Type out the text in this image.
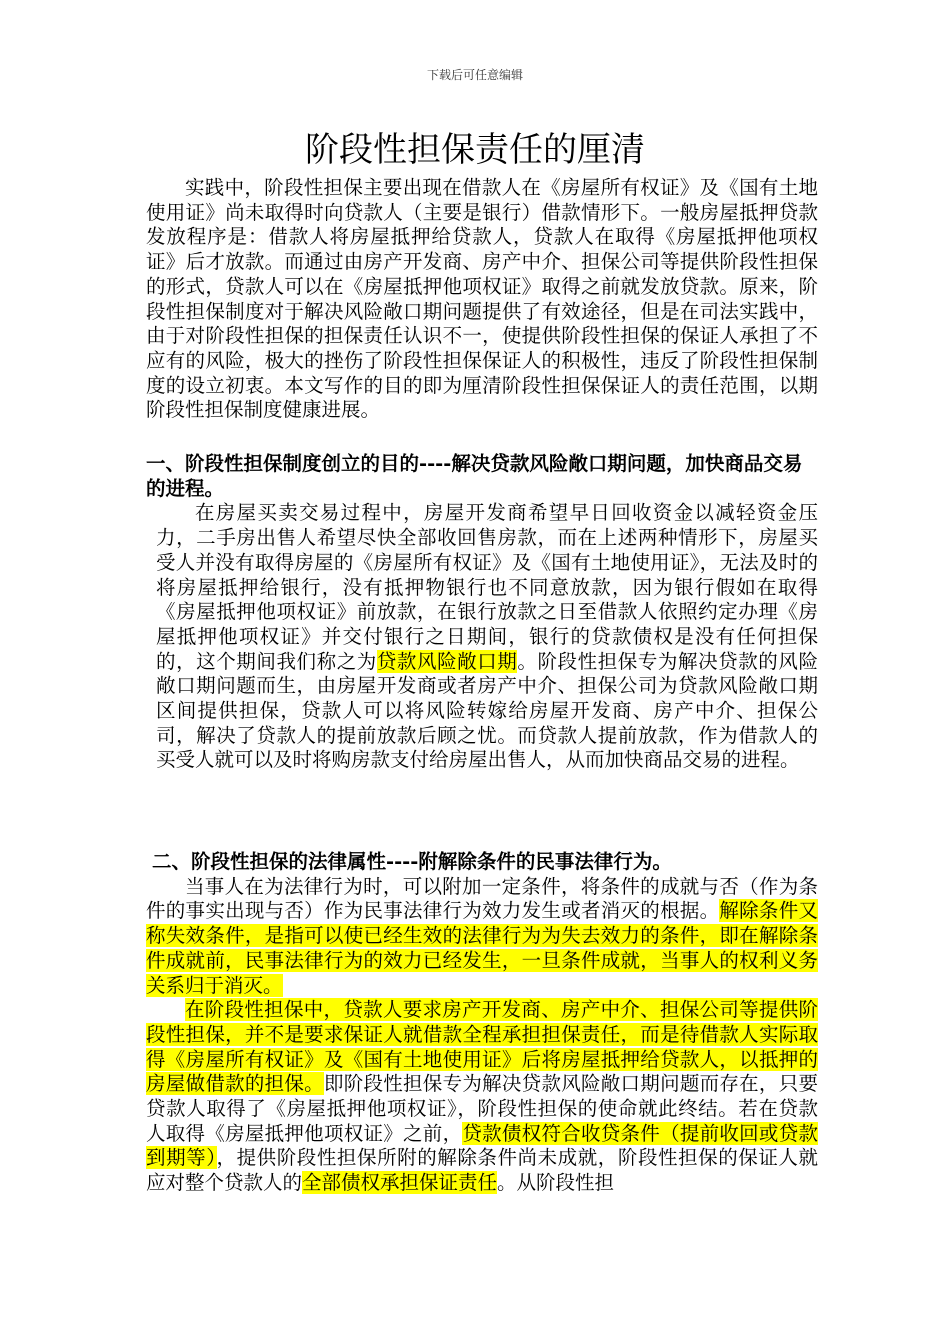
下载后可任意编辑
阶段性担保责任的厘清

实践中，阶段性担保主要出现在借款人在《房屋所有权证》及《国有土地使用证》尚未取得时向贷款人（主要是银行）借款情形下。一般房屋抵押贷款发放程序是：借款人将房屋抵押给贷款人，贷款人在取得《房屋抵押他项权证》后才放款。而通过由房产开发商、房产中介、担保公司等提供阶段性担保的形式，贷款人可以在《房屋抵押他项权证》取得之前就发放贷款。原来，阶段性担保制度对于解决风险敞口期问题提供了有效途径，但是在司法实践中，由于对阶段性担保的担保责任认识不一，使提供阶段性担保的保证人承担了不应有的风险，极大的挫伤了阶段性担保保证人的积极性，违反了阶段性担保制度的设立初衷。本文写作的目的即为厘清阶段性担保保证人的责任范围，以期阶段性担保制度健康进展。

一、阶段性担保制度创立的目的----解决贷款风险敞口期问题，加快商品交易的进程。

在房屋买卖交易过程中，房屋开发商希望早日回收资金以减轻资金压力，二手房出售人希望尽快全部收回售房款，而在上述两种情形下，房屋买受人并没有取得房屋的《房屋所有权证》及《国有土地使用证》，无法及时的将房屋抵押给银行，没有抵押物银行也不同意放款，因为银行假如在取得《房屋抵押他项权证》前放款，在银行放款之日至借款人依照约定办理《房屋抵押他项权证》并交付银行之日期间，银行的贷款债权是没有任何担保的，这个期间我们称之为贷款风险敞口期。阶段性担保专为解决贷款的风险敞口期问题而生，由房屋开发商或者房产中介、担保公司为贷款风险敞口期区间提供担保，贷款人可以将风险转嫁给房屋开发商、房产中介、担保公司，解决了贷款人的提前放款后顾之忧。而贷款人提前放款，作为借款人的买受人就可以及时将购房款支付给房屋出售人，从而加快商品交易的进程。

二、阶段性担保的法律属性----附解除条件的民事法律行为。

当事人在为法律行为时，可以附加一定条件，将条件的成就与否（作为条件的事实出现与否）作为民事法律行为效力发生或者消灭的根据。解除条件又称失效条件，是指可以使已经生效的法律行为为失去效力的条件，即在解除条件成就前，民事法律行为的效力已经发生，一旦条件成就，当事人的权利义务关系归于消灭。

在阶段性担保中，贷款人要求房产开发商、房产中介、担保公司等提供阶段性担保，并不是要求保证人就借款全程承担担保责任，而是待借款人实际取得《房屋所有权证》及《国有土地使用证》后将房屋抵押给贷款人，以抵押的房屋做借款的担保。即阶段性担保专为解决贷款风险敞口期问题而存在，只要贷款人取得了《房屋抵押他项权证》，阶段性担保的使命就此终结。若在贷款人取得《房屋抵押他项权证》之前，贷款债权符合收贷条件（提前收回或贷款到期等），提供阶段性担保所附的解除条件尚未成就，阶段性担保的保证人就应对整个贷款人的全部债权承担保证责任。从阶段性担
